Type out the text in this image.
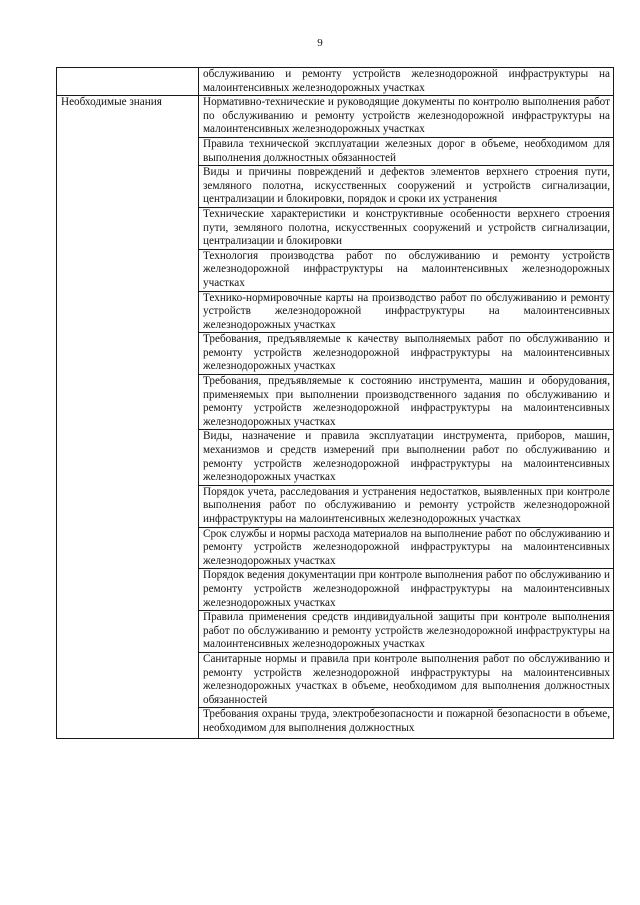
9
	обслуживанию и ремонту устройств железнодорожной инфраструктуры на малоинтенсивных железнодорожных участках
Необходимые знания	Нормативно-технические и руководящие документы по контролю выполнения работ по обслуживанию и ремонту устройств железнодорожной инфраструктуры на малоинтенсивных железнодорожных участках
	Правила технической эксплуатации железных дорог в объеме, необходимом для выполнения должностных обязанностей
	Виды и причины повреждений и дефектов элементов верхнего строения пути, земляного полотна, искусственных сооружений и устройств сигнализации, централизации и блокировки, порядок и сроки их устранения
	Технические характеристики и конструктивные особенности верхнего строения пути, земляного полотна, искусственных сооружений и устройств сигнализации, централизации и блокировки
	Технология производства работ по обслуживанию и ремонту устройств железнодорожной инфраструктуры на малоинтенсивных железнодорожных участках
	Технико-нормировочные карты на производство работ по обслуживанию и ремонту устройств железнодорожной инфраструктуры на малоинтенсивных железнодорожных участках
	Требования, предъявляемые к качеству выполняемых работ по обслуживанию и ремонту устройств железнодорожной инфраструктуры на малоинтенсивных железнодорожных участках
	Требования, предъявляемые к состоянию инструмента, машин и оборудования, применяемых при выполнении производственного задания по обслуживанию и ремонту устройств железнодорожной инфраструктуры на малоинтенсивных железнодорожных участках
	Виды, назначение и правила эксплуатации инструмента, приборов, машин, механизмов и средств измерений при выполнении работ по обслуживанию и ремонту устройств железнодорожной инфраструктуры на малоинтенсивных железнодорожных участках
	Порядок учета, расследования и устранения недостатков, выявленных при контроле выполнения работ по обслуживанию и ремонту устройств железнодорожной инфраструктуры на малоинтенсивных железнодорожных участках
	Срок службы и нормы расхода материалов на выполнение работ по обслуживанию и ремонту устройств железнодорожной инфраструктуры на малоинтенсивных железнодорожных участках
	Порядок ведения документации при контроле выполнения работ по обслуживанию и ремонту устройств железнодорожной инфраструктуры на малоинтенсивных железнодорожных участках
	Правила применения средств индивидуальной защиты при контроле выполнения работ по обслуживанию и ремонту устройств железнодорожной инфраструктуры на малоинтенсивных железнодорожных участках
	Санитарные нормы и правила при контроле выполнения работ по обслуживанию и ремонту устройств железнодорожной инфраструктуры на малоинтенсивных железнодорожных участках в объеме, необходимом для выполнения должностных обязанностей

	Требования охраны труда, электробезопасности и пожарной безопасности в объеме, необходимом для выполнения должностных
